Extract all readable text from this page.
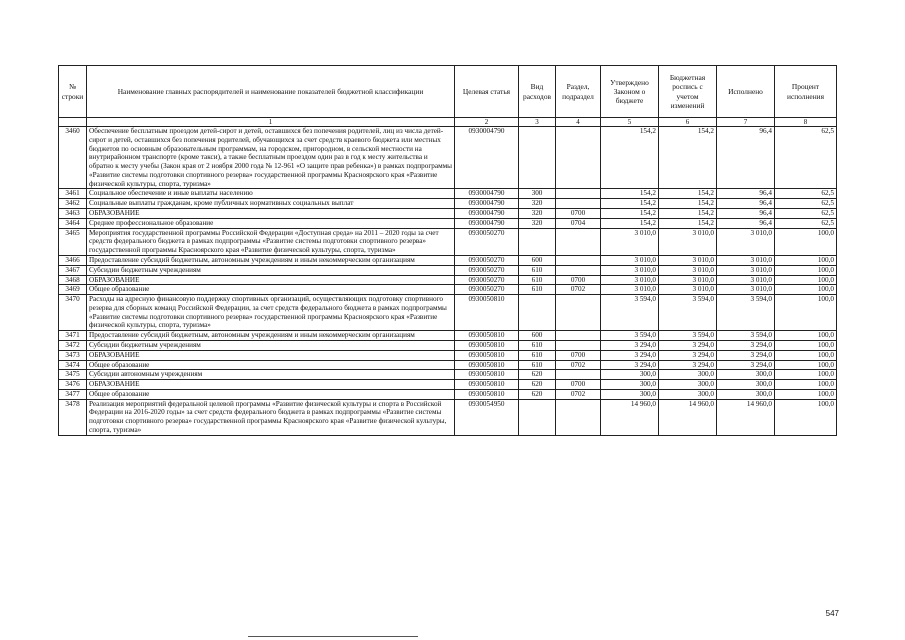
№ строки	Наименование главных распорядителей и наименование показателей бюджетной классификации	Целевая статья	Вид расходов	Раздел, подраздел	Утверждено Законом о бюджете	Бюджетная роспись с учетом изменений	Исполнено	Процент исполнения
	1	2	3	4	5	6	7	8
3460	Обеспечение бесплатным проездом детей-сирот и детей, оставшихся без попечения родителей, лиц из числа детей-сирот и детей, оставшихся без попечения родителей, обучающихся за счет средств краевого бюджета или местных бюджетов по основным образовательным программам, на городском, пригородном, в сельской местности на внутрирайонном транспорте (кроме такси), а также бесплатным проездом один раз в год к месту жительства и обратно к месту учебы (Закон края от 2 ноября 2000 года № 12-961 «О защите прав ребенка») в рамках подпрограммы «Развитие системы подготовки спортивного резерва» государственной программы Красноярского края «Развитие физической культуры, спорта, туризма»	0930004790			154,2	154,2	96,4	62,5
3461	Социальное обеспечение и иные выплаты населению	0930004790	300		154,2	154,2	96,4	62,5
3462	Социальные выплаты гражданам, кроме публичных нормативных социальных выплат	0930004790	320		154,2	154,2	96,4	62,5
3463	ОБРАЗОВАНИЕ	0930004790	320	0700	154,2	154,2	96,4	62,5
3464	Среднее профессиональное образование	0930004790	320	0704	154,2	154,2	96,4	62,5
3465	Мероприятия государственной программы Российской Федерации «Доступная среда» на 2011 – 2020 годы за счет средств федерального бюджета в рамках подпрограммы «Развитие системы подготовки спортивного резерва» государственной программы Красноярского края «Развитие физической культуры, спорта, туризма»	0930050270			3 010,0	3 010,0	3 010,0	100,0
3466	Предоставление субсидий бюджетным, автономным учреждениям и иным некоммерческим организациям	0930050270	600		3 010,0	3 010,0	3 010,0	100,0
3467	Субсидии бюджетным учреждениям	0930050270	610		3 010,0	3 010,0	3 010,0	100,0
3468	ОБРАЗОВАНИЕ	0930050270	610	0700	3 010,0	3 010,0	3 010,0	100,0
3469	Общее образование	0930050270	610	0702	3 010,0	3 010,0	3 010,0	100,0
3470	Расходы на адресную финансовую поддержку спортивных организаций, осуществляющих подготовку спортивного резерва для сборных команд Российской Федерации, за счет средств федерального бюджета в рамках подпрограммы «Развитие системы подготовки спортивного резерва» государственной программы Красноярского края «Развитие физической культуры, спорта, туризма»	0930050810			3 594,0	3 594,0	3 594,0	100,0
3471	Предоставление субсидий бюджетным, автономным учреждениям и иным некоммерческим организациям	0930050810	600		3 594,0	3 594,0	3 594,0	100,0
3472	Субсидии бюджетным учреждениям	0930050810	610		3 294,0	3 294,0	3 294,0	100,0
3473	ОБРАЗОВАНИЕ	0930050810	610	0700	3 294,0	3 294,0	3 294,0	100,0
3474	Общее образование	0930050810	610	0702	3 294,0	3 294,0	3 294,0	100,0
3475	Субсидии автономным учреждениям	0930050810	620		300,0	300,0	300,0	100,0
3476	ОБРАЗОВАНИЕ	0930050810	620	0700	300,0	300,0	300,0	100,0
3477	Общее образование	0930050810	620	0702	300,0	300,0	300,0	100,0
3478	Реализация мероприятий федеральной целевой программы «Развитие физической культуры и спорта в Российской Федерации на 2016-2020 годы» за счет средств федерального бюджета в рамках подпрограммы «Развитие системы подготовки спортивного резерва» государственной программы Красноярского края «Развитие физической культуры, спорта, туризма»	0930054950			14 960,0	14 960,0	14 960,0	100,0
547
